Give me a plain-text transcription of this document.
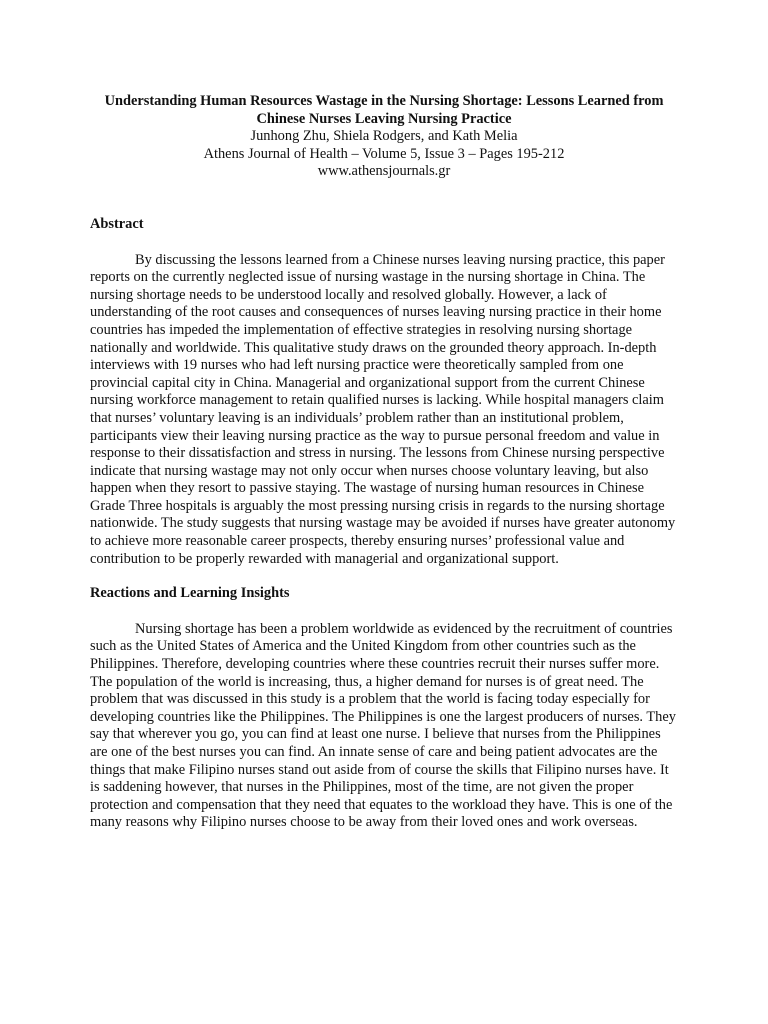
Understanding Human Resources Wastage in the Nursing Shortage: Lessons Learned from Chinese Nurses Leaving Nursing Practice

Junhong Zhu, Shiela Rodgers, and Kath Melia

Athens Journal of Health – Volume 5, Issue 3 – Pages 195-212

www.athensjournals.gr

Abstract

By discussing the lessons learned from a Chinese nurses leaving nursing practice, this paper reports on the currently neglected issue of nursing wastage in the nursing shortage in China. The nursing shortage needs to be understood locally and resolved globally. However, a lack of understanding of the root causes and consequences of nurses leaving nursing practice in their home countries has impeded the implementation of effective strategies in resolving nursing shortage nationally and worldwide. This qualitative study draws on the grounded theory approach. In-depth interviews with 19 nurses who had left nursing practice were theoretically sampled from one provincial capital city in China. Managerial and organizational support from the current Chinese nursing workforce management to retain qualified nurses is lacking. While hospital managers claim that nurses’ voluntary leaving is an individuals’ problem rather than an institutional problem, participants view their leaving nursing practice as the way to pursue personal freedom and value in response to their dissatisfaction and stress in nursing. The lessons from Chinese nursing perspective indicate that nursing wastage may not only occur when nurses choose voluntary leaving, but also happen when they resort to passive staying. The wastage of nursing human resources in Chinese Grade Three hospitals is arguably the most pressing nursing crisis in regards to the nursing shortage nationwide. The study suggests that nursing wastage may be avoided if nurses have greater autonomy to achieve more reasonable career prospects, thereby ensuring nurses’ professional value and contribution to be properly rewarded with managerial and organizational support.

Reactions and Learning Insights

Nursing shortage has been a problem worldwide as evidenced by the recruitment of countries such as the United States of America and the United Kingdom from other countries such as the Philippines. Therefore, developing countries where these countries recruit their nurses suffer more. The population of the world is increasing, thus, a higher demand for nurses is of great need. The problem that was discussed in this study is a problem that the world is facing today especially for developing countries like the Philippines. The Philippines is one the largest producers of nurses. They say that wherever you go, you can find at least one nurse. I believe that nurses from the Philippines are one of the best nurses you can find. An innate sense of care and being patient advocates are the things that make Filipino nurses stand out aside from of course the skills that Filipino nurses have. It is saddening however, that nurses in the Philippines, most of the time, are not given the proper protection and compensation that they need that equates to the workload they have. This is one of the many reasons why Filipino nurses choose to be away from their loved ones and work overseas.
